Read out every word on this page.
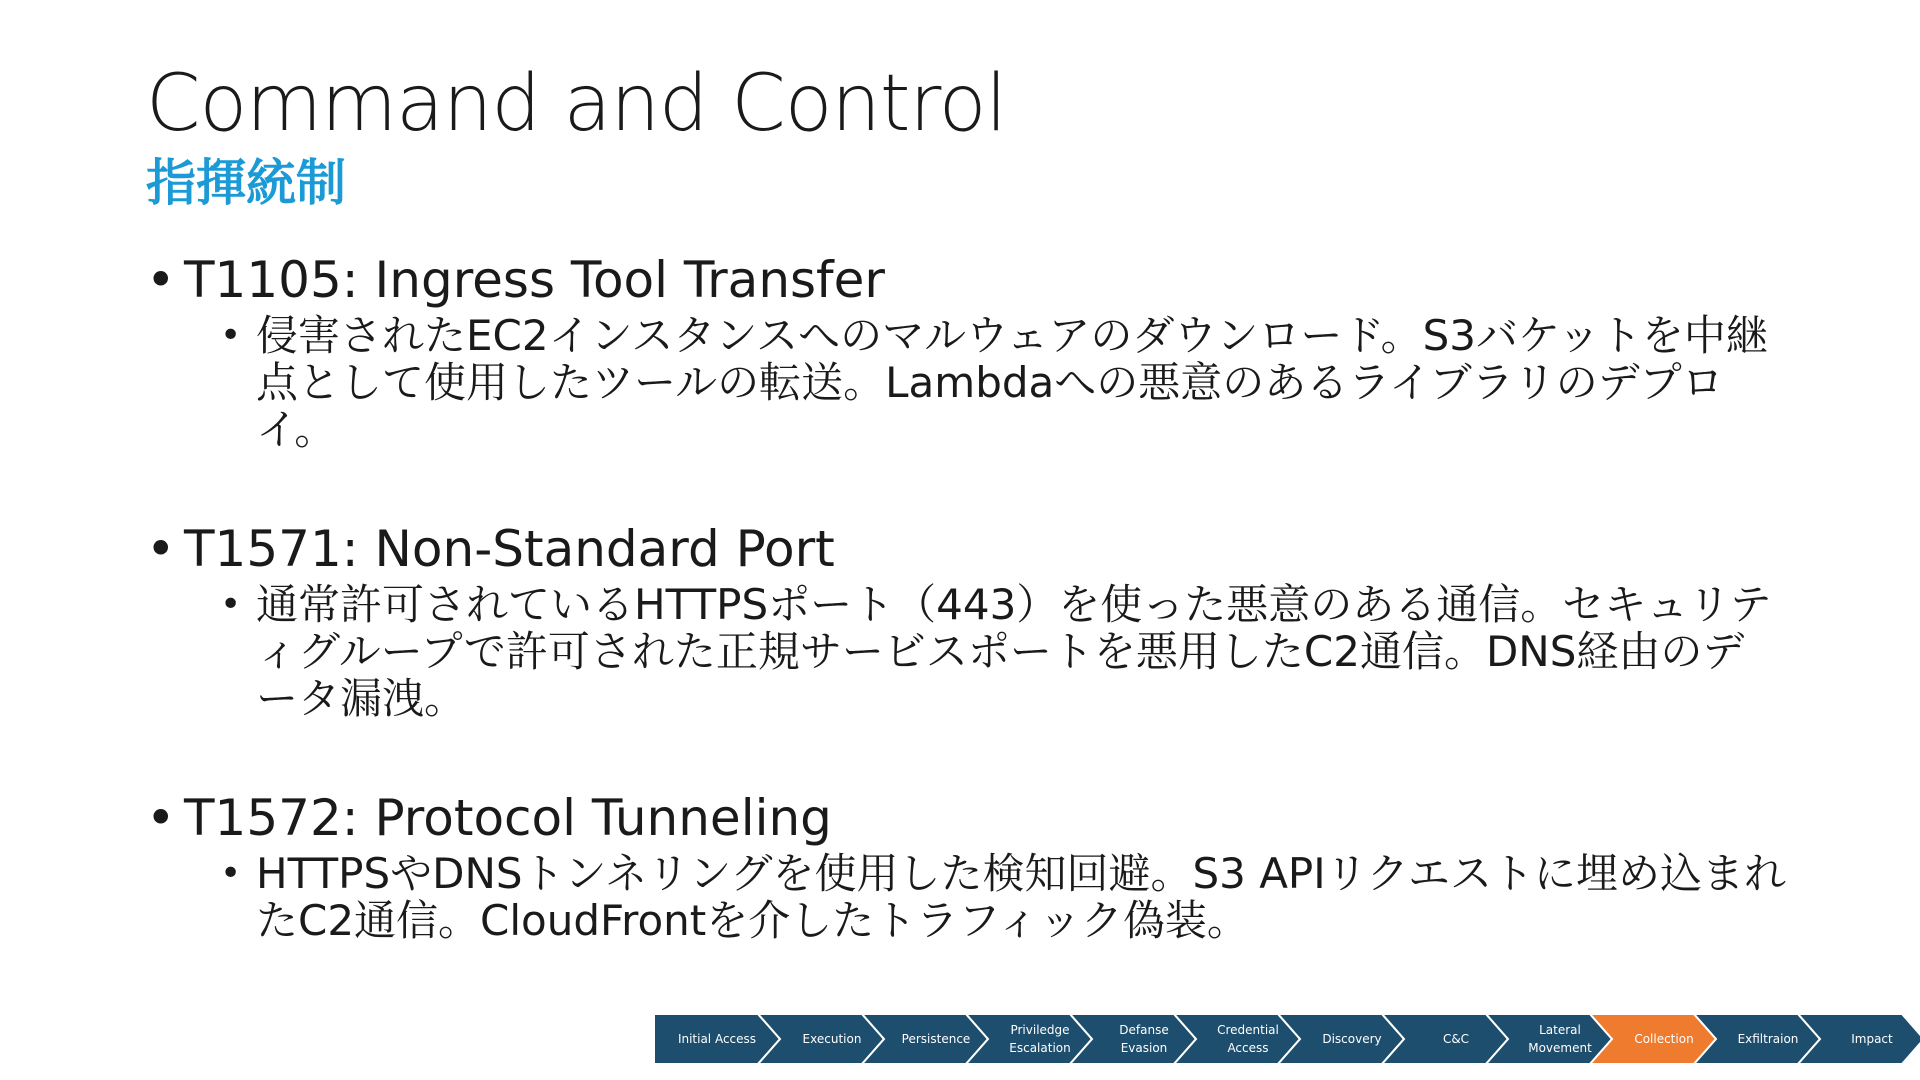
Command and Control
指揮統制
• T1105: Ingress Tool Transfer
• 侵害されたEC2インスタンスへのマルウェアのダウンロード。S3バケットを中継点として使用したツールの転送。Lambdaへの悪意のあるライブラリのデプロイ。
• T1571: Non-Standard Port
• 通常許可されているHTTPSポート（443）を使った悪意のある通信。セキュリティグループで許可された正規サービスポートを悪用したC2通信。DNS経由のデータ漏洩。
• T1572: Protocol Tunneling
• HTTPSやDNSトンネリングを使用した検知回避。S3 APIリクエストに埋め込まれたC2通信。CloudFrontを介したトラフィック偽装。
Initial Access	Execution	Persistence
Priviledge
Escalation
Defanse
Evasion
Credential
Access
Discovery	C&C
Lateral
Movement
Collection	Exfiltraion	Impact
